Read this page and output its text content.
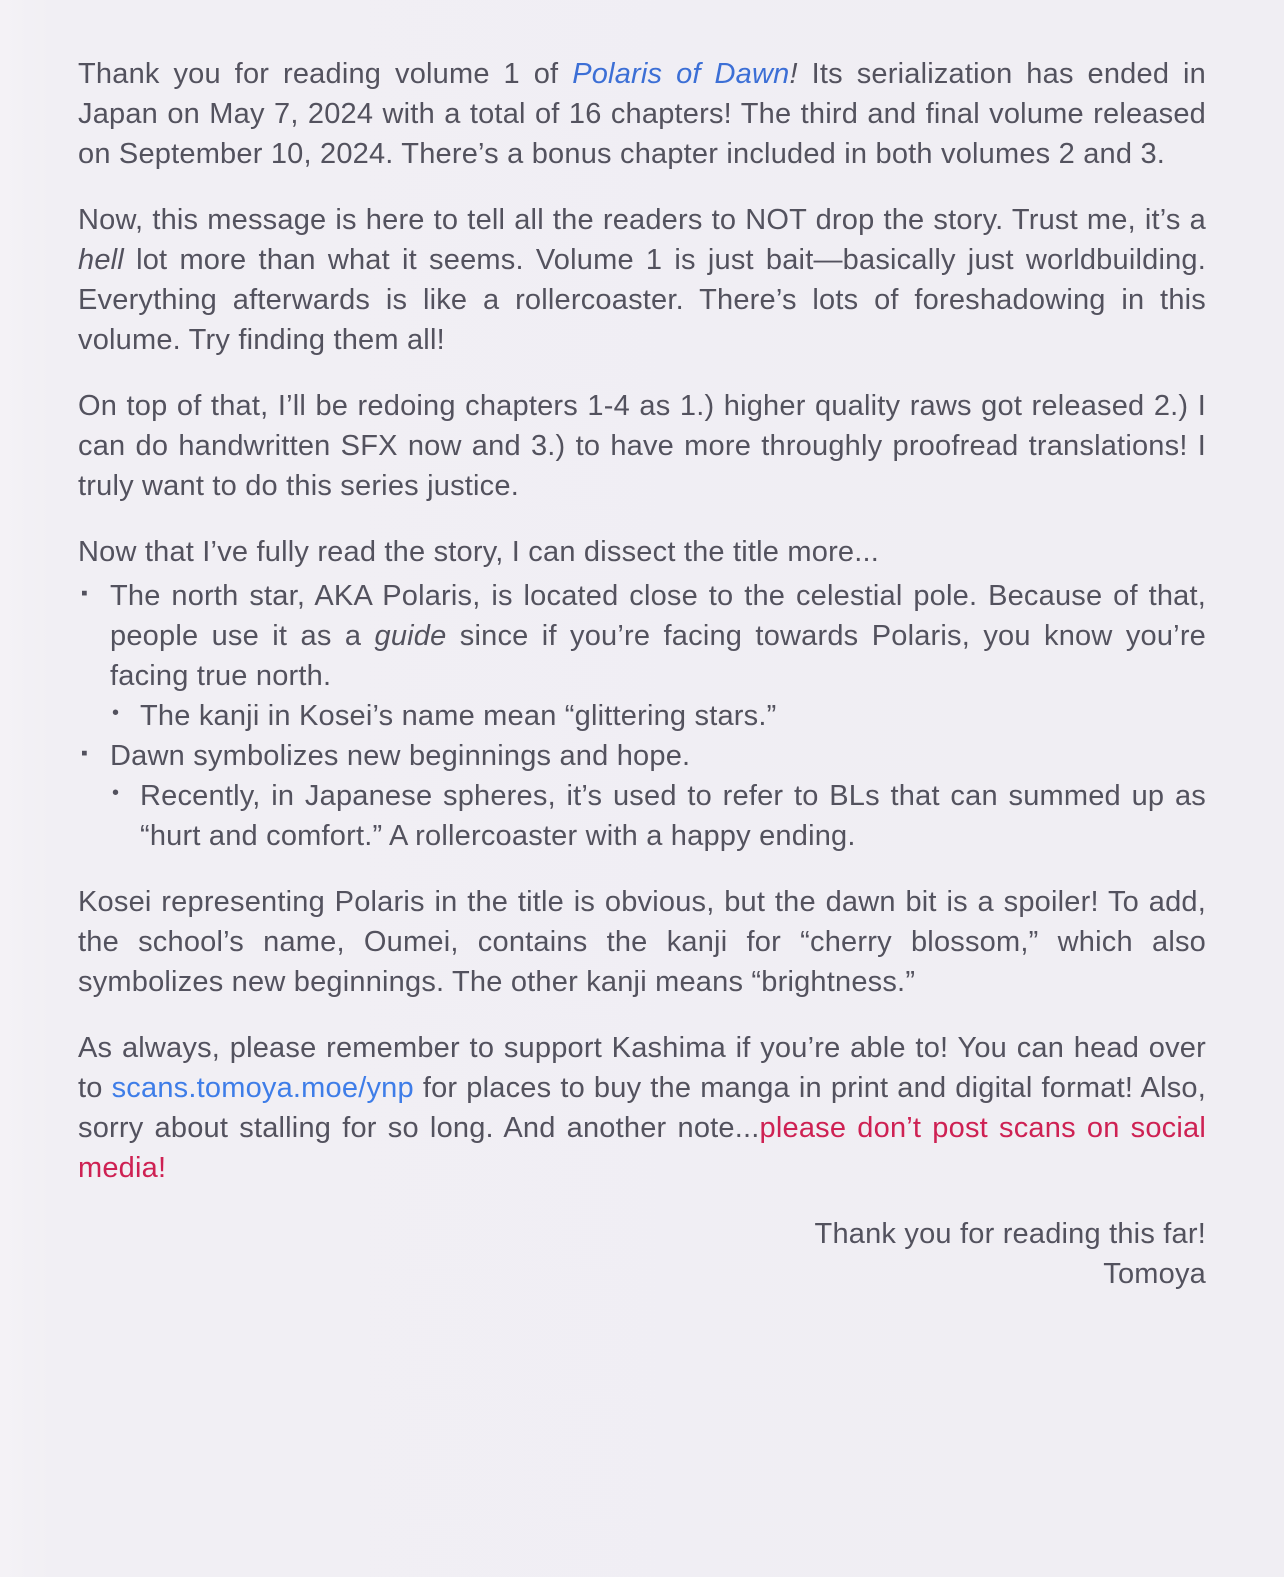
Thank you for reading volume 1 of Polaris of Dawn! Its serialization has ended in Japan on May 7, 2024 with a total of 16 chapters! The third and final volume released on September 10, 2024. There’s a bonus chapter included in both volumes 2 and 3.

Now, this message is here to tell all the readers to NOT drop the story. Trust me, it’s a hell lot more than what it seems. Volume 1 is just bait—basically just worldbuilding. Everything afterwards is like a rollercoaster. There’s lots of foreshadowing in this volume. Try finding them all!

On top of that, I’ll be redoing chapters 1-4 as 1.) higher quality raws got released 2.) I can do handwritten SFX now and 3.) to have more throughly proofread translations! I truly want to do this series justice.

Now that I’ve fully read the story, I can dissect the title more...

▪ The north star, AKA Polaris, is located close to the celestial pole. Because of that, people use it as a guide since if you’re facing towards Polaris, you know you’re facing true north.
• The kanji in Kosei’s name mean “glittering stars.”
▪ Dawn symbolizes new beginnings and hope.
• Recently, in Japanese spheres, it’s used to refer to BLs that can summed up as “hurt and comfort.” A rollercoaster with a happy ending.

Kosei representing Polaris in the title is obvious, but the dawn bit is a spoiler! To add, the school’s name, Oumei, contains the kanji for “cherry blossom,” which also symbolizes new beginnings. The other kanji means “brightness.”

As always, please remember to support Kashima if you’re able to! You can head over to scans.tomoya.moe/ynp for places to buy the manga in print and digital format! Also, sorry about stalling for so long. And another note...please don’t post scans on social media!

Thank you for reading this far!
Tomoya
